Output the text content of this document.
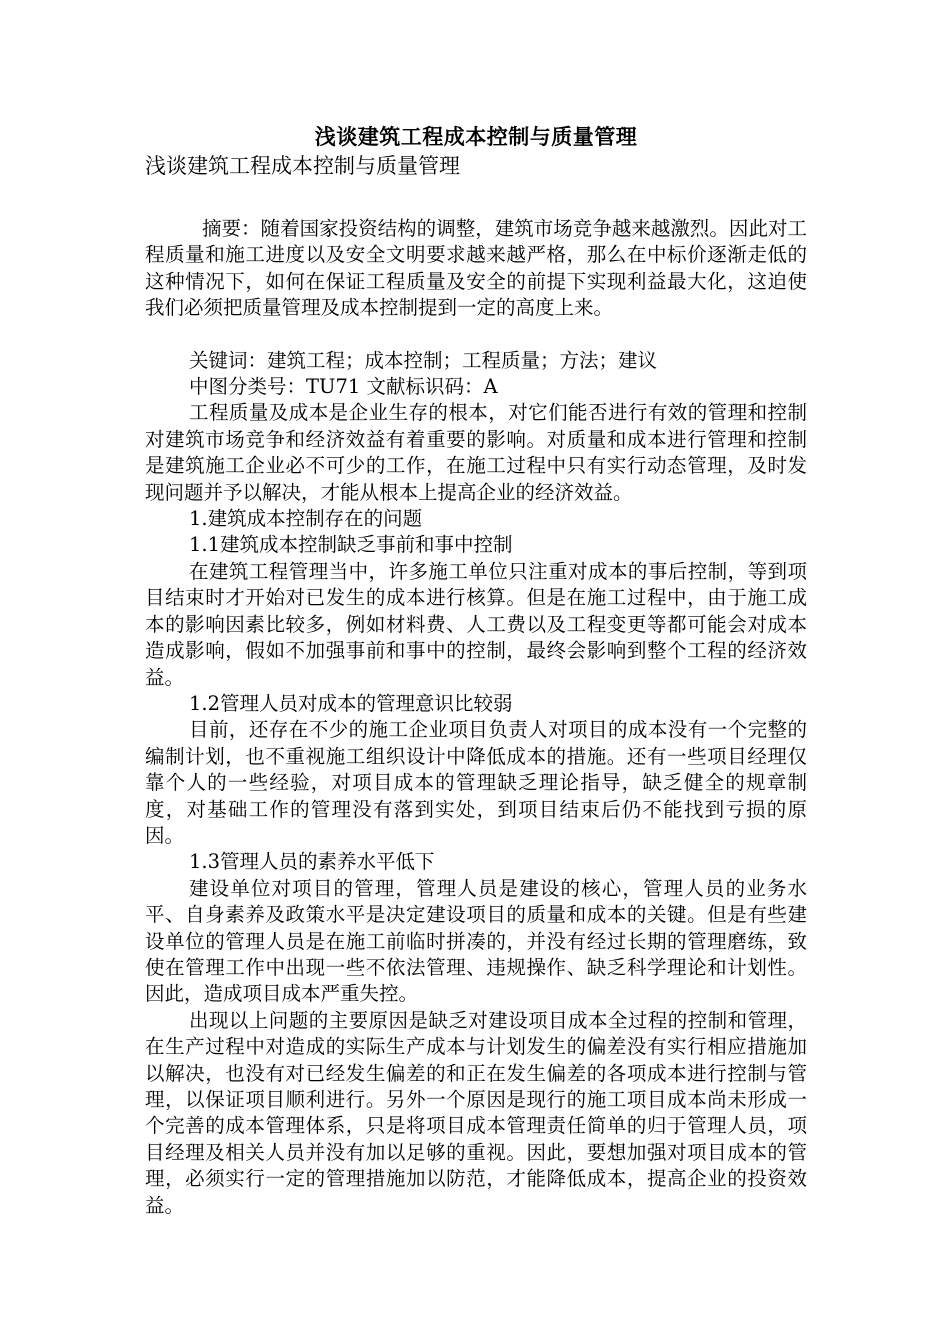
浅谈建筑工程成本控制与质量管理

浅谈建筑工程成本控制与质量管理

摘要：随着国家投资结构的调整，建筑市场竞争越来越激烈。因此对工程质量和施工进度以及安全文明要求越来越严格，那么在中标价逐渐走低的这种情况下，如何在保证工程质量及安全的前提下实现利益最大化，这迫使我们必须把质量管理及成本控制提到一定的高度上来。

关键词：建筑工程；成本控制；工程质量；方法；建议

中图分类号：TU71 文献标识码：A

工程质量及成本是企业生存的根本，对它们能否进行有效的管理和控制对建筑市场竞争和经济效益有着重要的影响。对质量和成本进行管理和控制是建筑施工企业必不可少的工作，在施工过程中只有实行动态管理，及时发现问题并予以解决，才能从根本上提高企业的经济效益。

1.建筑成本控制存在的问题

1.1建筑成本控制缺乏事前和事中控制

在建筑工程管理当中，许多施工单位只注重对成本的事后控制，等到项目结束时才开始对已发生的成本进行核算。但是在施工过程中，由于施工成本的影响因素比较多，例如材料费、人工费以及工程变更等都可能会对成本造成影响，假如不加强事前和事中的控制，最终会影响到整个工程的经济效益。

1.2管理人员对成本的管理意识比较弱

目前，还存在不少的施工企业项目负责人对项目的成本没有一个完整的编制计划，也不重视施工组织设计中降低成本的措施。还有一些项目经理仅靠个人的一些经验，对项目成本的管理缺乏理论指导，缺乏健全的规章制度，对基础工作的管理没有落到实处，到项目结束后仍不能找到亏损的原因。

1.3管理人员的素养水平低下

建设单位对项目的管理，管理人员是建设的核心，管理人员的业务水平、自身素养及政策水平是决定建设项目的质量和成本的关键。但是有些建设单位的管理人员是在施工前临时拼凑的，并没有经过长期的管理磨练，致使在管理工作中出现一些不依法管理、违规操作、缺乏科学理论和计划性。因此，造成项目成本严重失控。

出现以上问题的主要原因是缺乏对建设项目成本全过程的控制和管理，在生产过程中对造成的实际生产成本与计划发生的偏差没有实行相应措施加以解决，也没有对已经发生偏差的和正在发生偏差的各项成本进行控制与管理，以保证项目顺利进行。另外一个原因是现行的施工项目成本尚未形成一个完善的成本管理体系，只是将项目成本管理责任简单的归于管理人员，项目经理及相关人员并没有加以足够的重视。因此，要想加强对项目成本的管理，必须实行一定的管理措施加以防范，才能降低成本，提高企业的投资效益。
